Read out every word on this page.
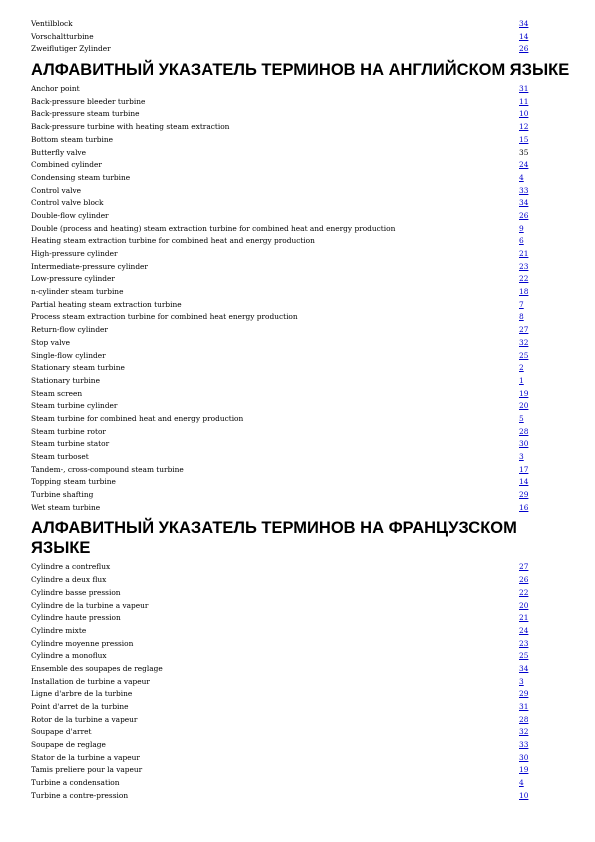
Ventilblock	34
Vorschaltturbine	14
Zweiflutiger Zylinder	26
АЛФАВИТНЫЙ УКАЗАТЕЛЬ ТЕРМИНОВ НА АНГЛИЙСКОМ ЯЗЫКЕ
Anchor point	31
Back-pressure bleeder turbine	11
Back-pressure steam turbine	10
Back-pressure turbine with heating steam extraction	12
Bottom steam turbine	15
Butterfly valve	35
Combined cylinder	24
Condensing steam turbine	4
Control valve	33
Control valve block	34
Double-flow cylinder	26
Double (process and heating) steam extraction turbine for combined heat and energy production	9
Heating steam extraction turbine for combined heat and energy production	6
High-pressure cylinder	21
Intermediate-pressure cylinder	23
Low-pressure cylinder	22
n-cylinder steam turbine	18
Partial heating steam extraction turbine	7
Process steam extraction turbine for combined heat energy production	8
Return-flow cylinder	27
Stop valve	32
Single-flow cylinder	25
Stationary steam turbine	2
Stationary turbine	1
Steam screen	19
Steam turbine cylinder	20
Steam turbine for combined heat and energy production	5
Steam turbine rotor	28
Steam turbine stator	30
Steam turboset	3
Tandem-, cross-compound steam turbine	17
Topping steam turbine	14
Turbine shafting	29
Wet steam turbine	16
АЛФАВИТНЫЙ УКАЗАТЕЛЬ ТЕРМИНОВ НА ФРАНЦУЗСКОМ ЯЗЫКЕ
Cylindre a contreflux	27
Cylindre a deux flux	26
Cylindre basse pression	22
Cylindre de la turbine a vapeur	20
Cylindre haute pression	21
Cylindre mixte	24
Cylindre moyenne pression	23
Cylindre a monoflux	25
Ensemble des soupapes de reglage	34
Installation de turbine a vapeur	3
Ligne d'arbre de la turbine	29
Point d'arret de la turbine	31
Rotor de la turbine a vapeur	28
Soupape d'arret	32
Soupape de reglage	33
Stator de la turbine a vapeur	30
Tamis preliere pour la vapeur	19
Turbine a condensation	4
Turbine a contre-pression	10
